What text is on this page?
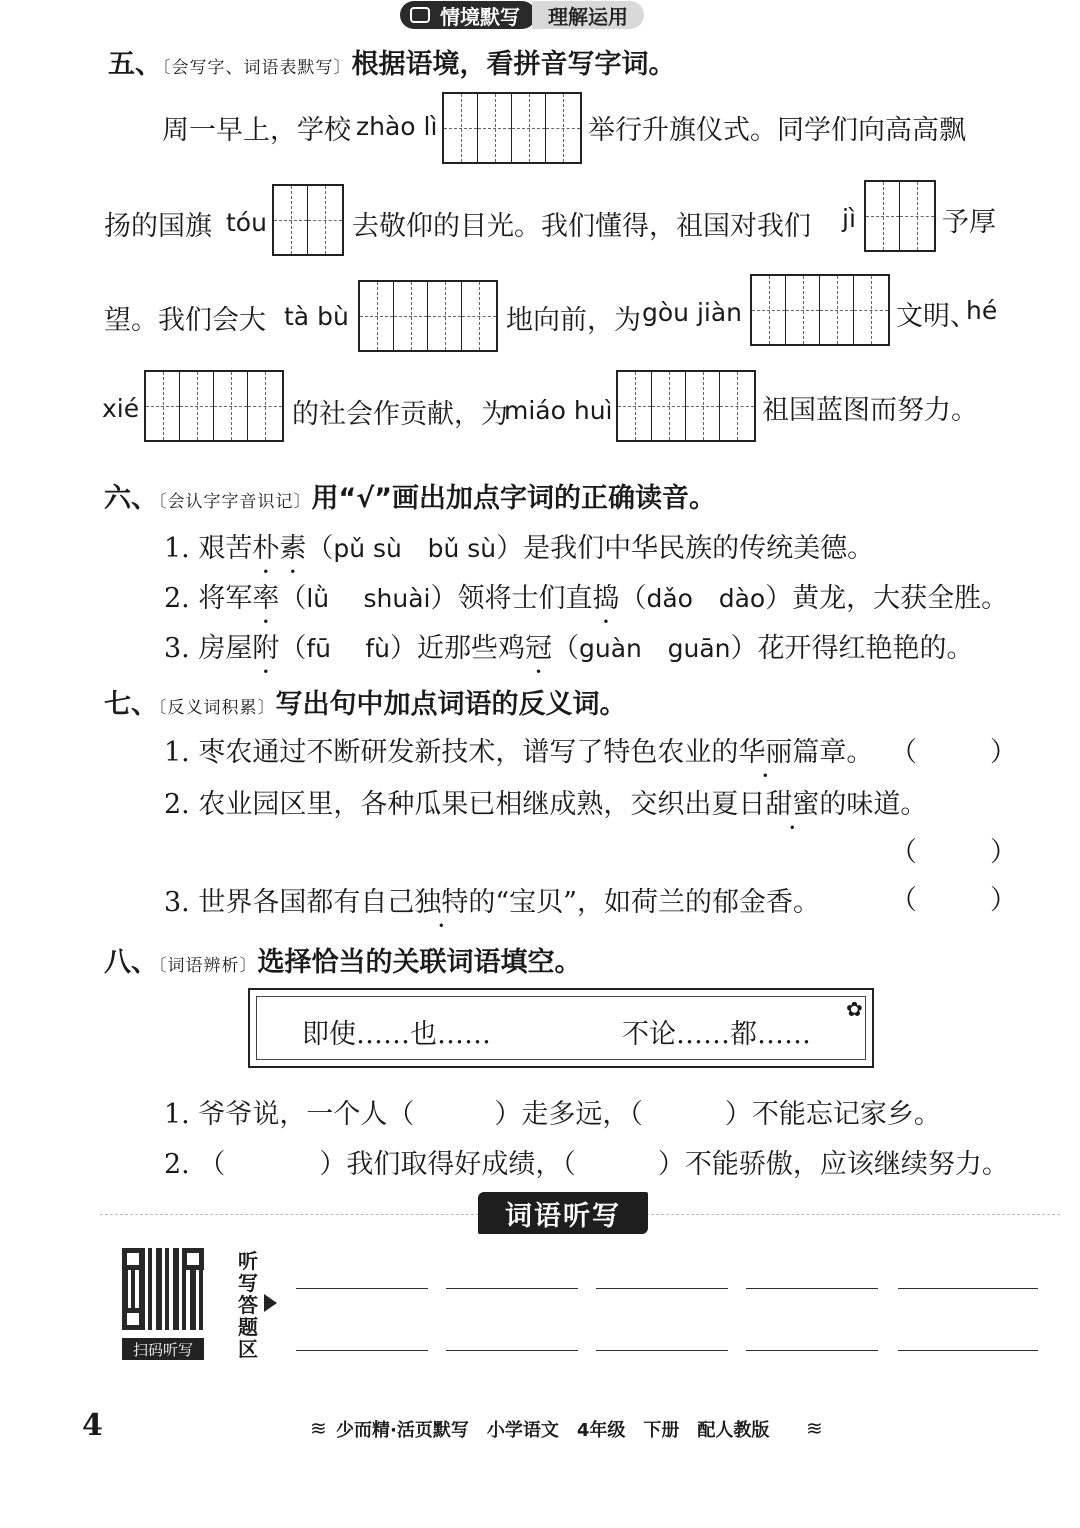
情境默写	理解运用
五、〔会写字、词语表默写〕根据语境，看拼音写字词。
周一早上，学校 zhào lì	举行升旗仪式。同学们向高高飘
扬的国旗 tóu	去敬仰的目光。我们懂得，祖国对我们 jì	予厚
望。我们会大 tà bù	地向前，为 gòu jiàn	文明、
hé
xié	的社会作贡献，为
miáo huì	祖国蓝图而努力。
六、〔会认字字音识记〕用“√”画出加点字词的正确读音。
1. 艰苦朴素（pǔ sù bǔ sù）是我们中华民族的传统美德。
2. 将军率（lǜ shuài）领将士们直捣（dǎo dào）黄龙，大获全胜。
3. 房屋附（fū fù）近那些鸡冠（guàn guān）花开得红艳艳的。
七、〔反义词积累〕写出句中加点词语的反义词。
1. 枣农通过不断研发新技术，谱写了特色农业的华丽篇章。 （	）
2. 农业园区里，各种瓜果已相继成熟，交织出夏日甜蜜的味道。
（	）
3. 世界各国都有自己独特的“宝贝”，如荷兰的郁金香。	（	）
八、〔词语辨析〕选择恰当的关联词语填空。
即使……也……	不论……都……
✿
1. 爷爷说，一个人（	）走多远，（	）不能忘记家乡。
2. （	）我们取得好成绩，（	）不能骄傲，应该继续努力。
词语听写
扫码听写
听写答题区
4	≋ 少而精·活页默写　小学语文　4年级　下册　配人教版 ≋
